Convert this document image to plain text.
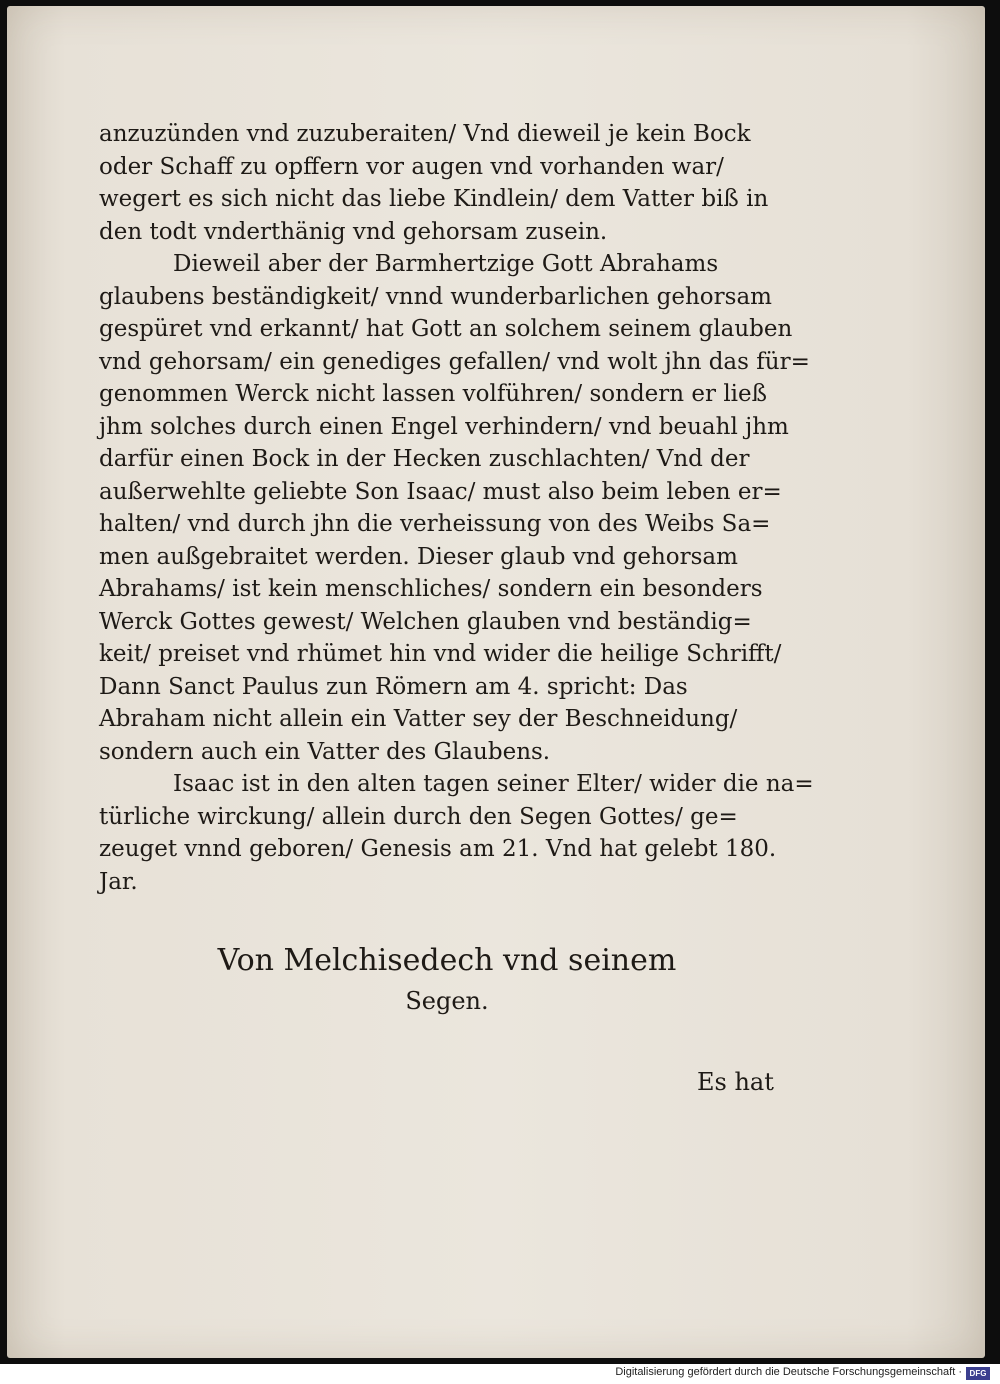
anzuzünden vnd zuzuberaiten/ Vnd dieweil je kein Bock
oder Schaff zu opffern vor augen vnd vorhanden war/
wegert es sich nicht das liebe Kindlein/ dem Vatter biß in
den todt vnderthänig vnd gehorsam zusein.
Dieweil aber der Barmhertzige Gott Abrahams
glaubens beständigkeit/ vnnd wunderbarlichen gehorsam
gespüret vnd erkannt/ hat Gott an solchem seinem glauben
vnd gehorsam/ ein genediges gefallen/ vnd wolt jhn das für=
genommen Werck nicht lassen volführen/ sondern er ließ
jhm solches durch einen Engel verhindern/ vnd beuahl jhm
darfür einen Bock in der Hecken zuschlachten/ Vnd der
außerwehlte geliebte Son Isaac/ must also beim leben er=
halten/ vnd durch jhn die verheissung von des Weibs Sa=
men außgebraitet werden. Dieser glaub vnd gehorsam
Abrahams/ ist kein menschliches/ sondern ein besonders
Werck Gottes gewest/ Welchen glauben vnd beständig=
keit/ preiset vnd rhümet hin vnd wider die heilige Schrifft/
Dann Sanct Paulus zun Römern am 4. spricht: Das
Abraham nicht allein ein Vatter sey der Beschneidung/
sondern auch ein Vatter des Glaubens.
Isaac ist in den alten tagen seiner Elter/ wider die na=
türliche wirckung/ allein durch den Segen Gottes/ ge=
zeuget vnnd geboren/ Genesis am 21. Vnd hat gelebt 180.
Jar.
Von Melchisedech vnd seinem
Segen.
Es hat
Digitalisierung gefördert durch die Deutsche Forschungsgemeinschaft · DFG
